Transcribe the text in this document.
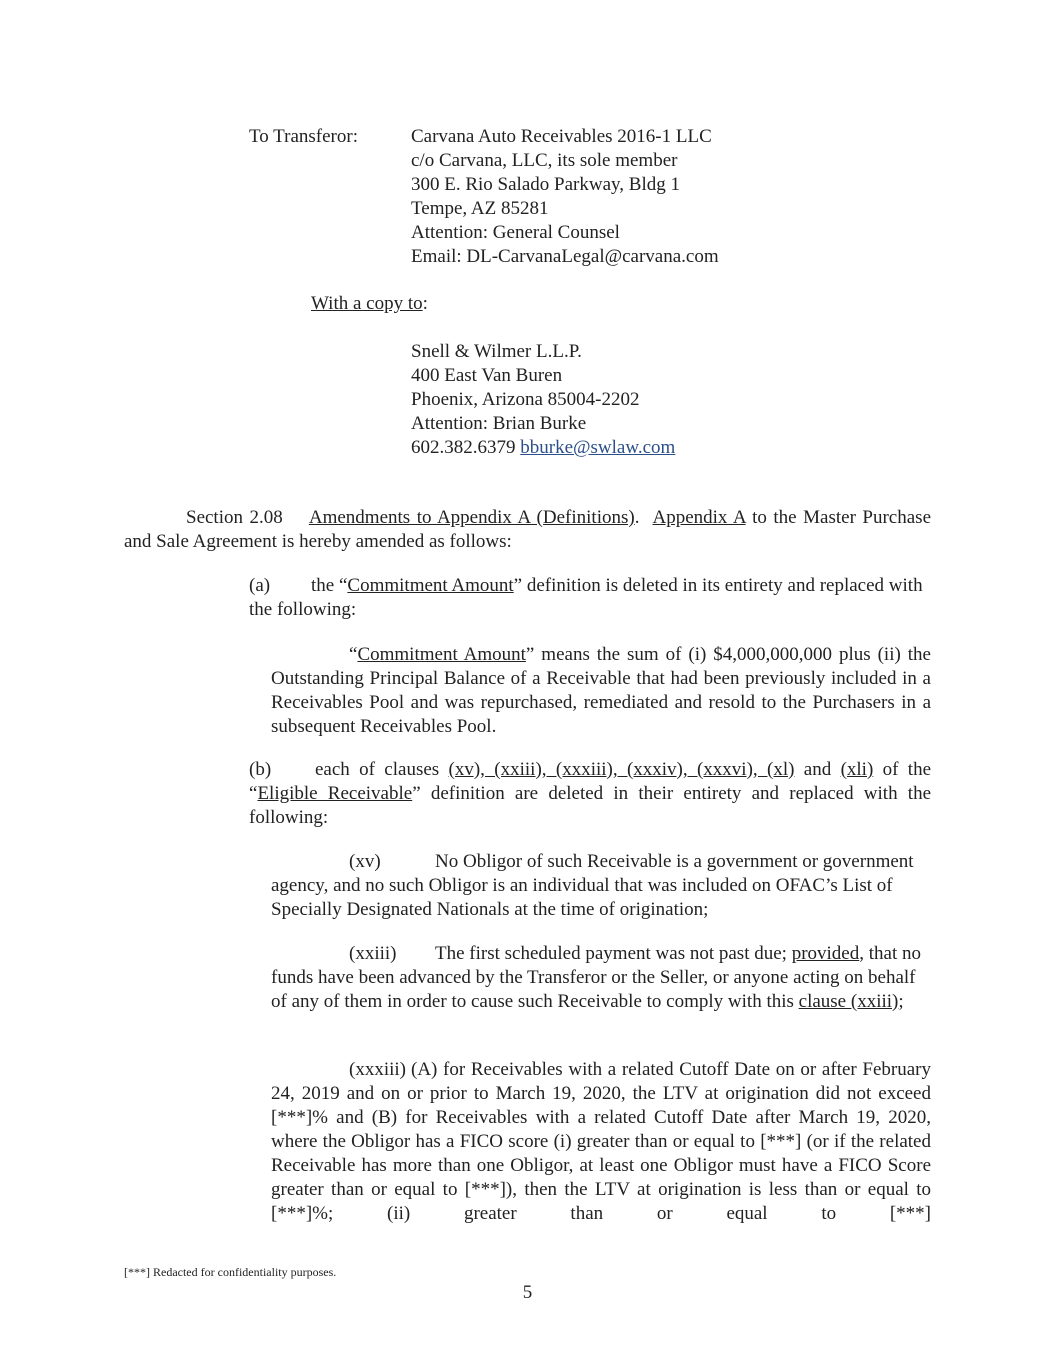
To Transferor:	Carvana Auto Receivables 2016-1 LLC
c/o Carvana, LLC, its sole member
300 E. Rio Salado Parkway, Bldg 1
Tempe, AZ 85281
Attention: General Counsel
Email: DL-CarvanaLegal@carvana.com
With a copy to:
Snell & Wilmer L.L.P.
400 East Van Buren
Phoenix, Arizona 85004-2202
Attention: Brian Burke
602.382.6379 bburke@swlaw.com
Section 2.08 Amendments to Appendix A (Definitions). Appendix A to the Master Purchase and Sale Agreement is hereby amended as follows:
(a) the “Commitment Amount” definition is deleted in its entirety and replaced with the following:
“Commitment Amount” means the sum of (i) $4,000,000,000 plus (ii) the Outstanding Principal Balance of a Receivable that had been previously included in a Receivables Pool and was repurchased, remediated and resold to the Purchasers in a subsequent Receivables Pool.
(b) each of clauses (xv), (xxiii), (xxxiii), (xxxiv), (xxxvi), (xl) and (xli) of the “Eligible Receivable” definition are deleted in their entirety and replaced with the following:
(xv)	No Obligor of such Receivable is a government or government agency, and no such Obligor is an individual that was included on OFAC’s List of Specially Designated Nationals at the time of origination;
(xxiii) The first scheduled payment was not past due; provided, that no funds have been advanced by the Transferor or the Seller, or anyone acting on behalf of any of them in order to cause such Receivable to comply with this clause (xxiii);
(xxxiii) (A) for Receivables with a related Cutoff Date on or after February 24, 2019 and on or prior to March 19, 2020, the LTV at origination did not exceed [***]% and (B) for Receivables with a related Cutoff Date after March 19, 2020, where the Obligor has a FICO score (i) greater than or equal to [***] (or if the related Receivable has more than one Obligor, at least one Obligor must have a FICO Score greater than or equal to [***]), then the LTV at origination is less than or equal to [***]%; (ii) greater than or equal to [***]
[***] Redacted for confidentiality purposes.
5
